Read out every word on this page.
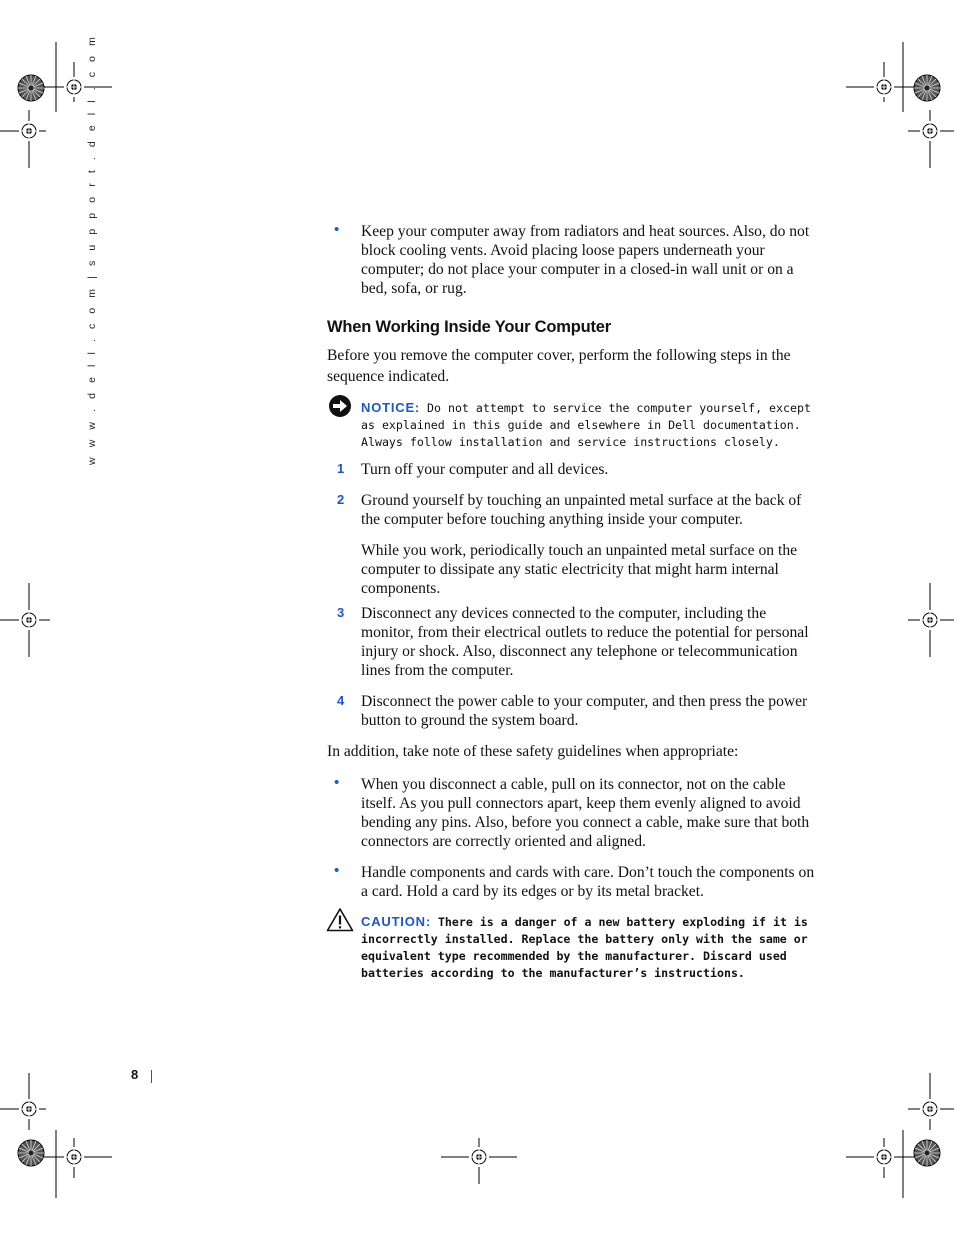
w w w . d e l l . c o m | s u p p o r t . d e l l . c o m	•	Keep your computer away from radiators and heat sources. Also, do not block cooling vents. Avoid placing loose papers underneath your computer; do not place your computer in a closed-in wall unit or on a bed, sofa, or rug.
When Working Inside Your Computer
Before you remove the computer cover, perform the following steps in the sequence indicated.
NOTICE: Do not attempt to service the computer yourself, except as explained in this guide and elsewhere in Dell documentation. Always follow installation and service instructions closely.
1	Turn off your computer and all devices.
2	Ground yourself by touching an unpainted metal surface at the back of the computer before touching anything inside your computer.
While you work, periodically touch an unpainted metal surface on the computer to dissipate any static electricity that might harm internal components.
3	Disconnect any devices connected to the computer, including the monitor, from their electrical outlets to reduce the potential for personal injury or shock. Also, disconnect any telephone or telecommunication lines from the computer.
4	Disconnect the power cable to your computer, and then press the power button to ground the system board.
In addition, take note of these safety guidelines when appropriate:
•	When you disconnect a cable, pull on its connector, not on the cable itself. As you pull connectors apart, keep them evenly aligned to avoid bending any pins. Also, before you connect a cable, make sure that both connectors are correctly oriented and aligned.
•	Handle components and cards with care. Don’t touch the components on a card. Hold a card by its edges or by its metal bracket.
CAUTION: There is a danger of a new battery exploding if it is incorrectly installed. Replace the battery only with the same or equivalent type recommended by the manufacturer. Discard used batteries according to the manufacturer’s instructions.
8
